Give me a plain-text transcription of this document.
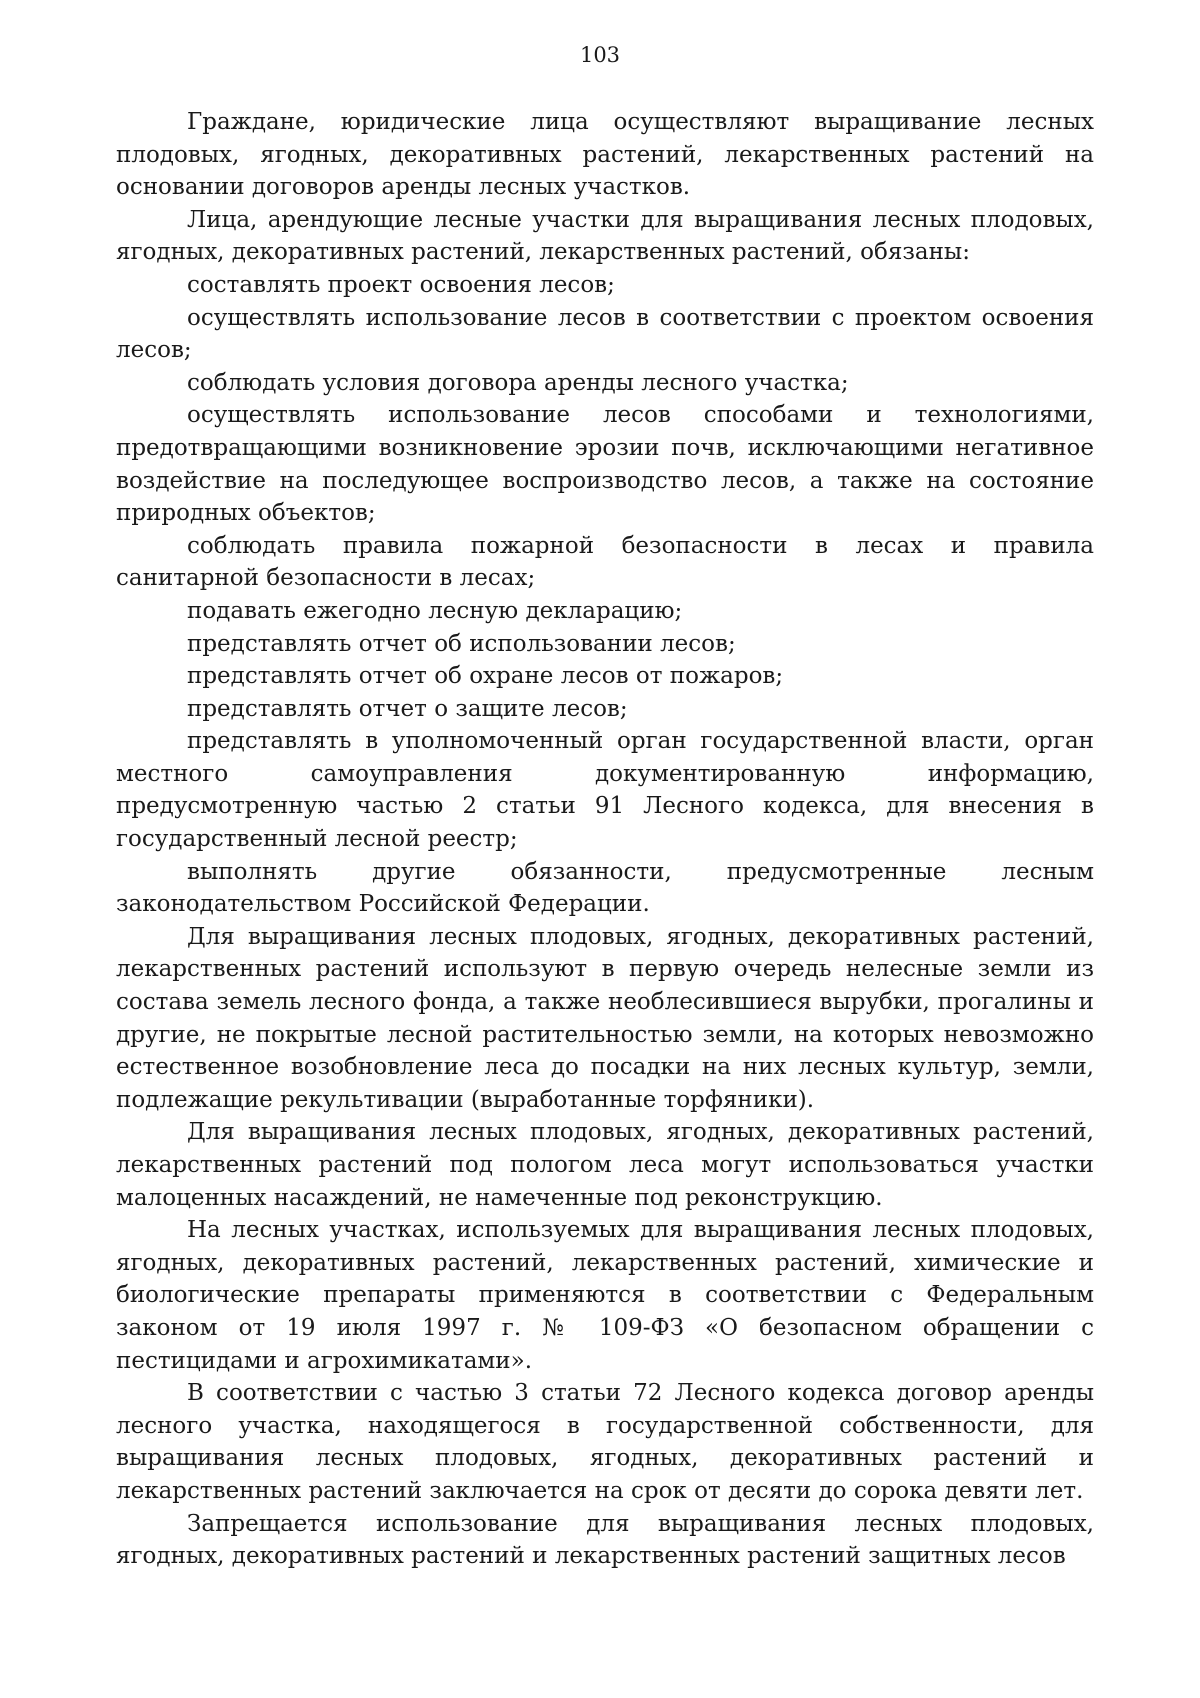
103

Граждане, юридические лица осуществляют выращивание лесных плодовых, ягодных, декоративных растений, лекарственных растений на основании договоров аренды лесных участков.

Лица, арендующие лесные участки для выращивания лесных плодовых, ягодных, декоративных растений, лекарственных растений, обязаны:

составлять проект освоения лесов;

осуществлять использование лесов в соответствии с проектом освоения лесов;

соблюдать условия договора аренды лесного участка;

осуществлять использование лесов способами и технологиями, предотвращающими возникновение эрозии почв, исключающими негативное воздействие на последующее воспроизводство лесов, а также на состояние природных объектов;

соблюдать правила пожарной безопасности в лесах и правила санитарной безопасности в лесах;

подавать ежегодно лесную декларацию;

представлять отчет об использовании лесов;

представлять отчет об охране лесов от пожаров;

представлять отчет о защите лесов;

представлять в уполномоченный орган государственной власти, орган местного самоуправления документированную информацию, предусмотренную частью 2 статьи 91 Лесного кодекса, для внесения в государственный лесной реестр;

выполнять другие обязанности, предусмотренные лесным законодательством Российской Федерации.

Для выращивания лесных плодовых, ягодных, декоративных растений, лекарственных растений используют в первую очередь нелесные земли из состава земель лесного фонда, а также необлесившиеся вырубки, прогалины и другие, не покрытые лесной растительностью земли, на которых невозможно естественное возобновление леса до посадки на них лесных культур, земли, подлежащие рекультивации (выработанные торфяники).

Для выращивания лесных плодовых, ягодных, декоративных растений, лекарственных растений под пологом леса могут использоваться участки малоценных насаждений, не намеченные под реконструкцию.

На лесных участках, используемых для выращивания лесных плодовых, ягодных, декоративных растений, лекарственных растений, химические и биологические препараты применяются в соответствии с Федеральным законом от 19 июля 1997 г. № 109-ФЗ «О безопасном обращении с пестицидами и агрохимикатами».

В соответствии с частью 3 статьи 72 Лесного кодекса договор аренды лесного участка, находящегося в государственной собственности, для выращивания лесных плодовых, ягодных, декоративных растений и лекарственных растений заключается на срок от десяти до сорока девяти лет.

Запрещается использование для выращивания лесных плодовых, ягодных, декоративных растений и лекарственных растений защитных лесов
